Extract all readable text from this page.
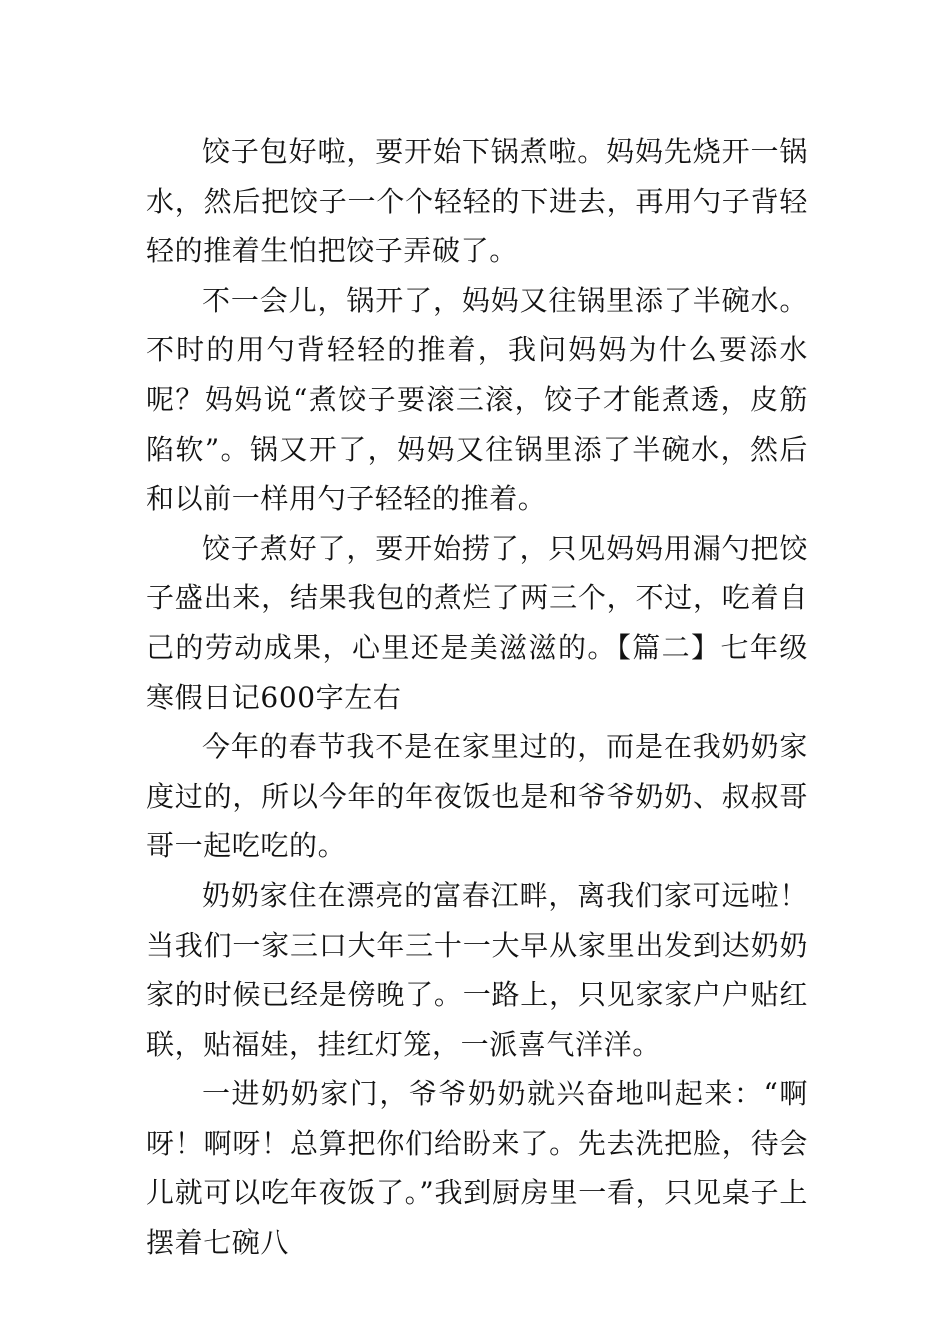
饺子包好啦，要开始下锅煮啦。妈妈先烧开一锅水，然后把饺子一个个轻轻的下进去，再用勺子背轻轻的推着生怕把饺子弄破了。

不一会儿，锅开了，妈妈又往锅里添了半碗水。不时的用勺背轻轻的推着，我问妈妈为什么要添水呢？妈妈说“煮饺子要滚三滚，饺子才能煮透，皮筋陷软”。锅又开了，妈妈又往锅里添了半碗水，然后和以前一样用勺子轻轻的推着。

饺子煮好了，要开始捞了，只见妈妈用漏勺把饺子盛出来，结果我包的煮烂了两三个，不过，吃着自己的劳动成果，心里还是美滋滋的。【篇二】七年级寒假日记600字左右

今年的春节我不是在家里过的，而是在我奶奶家度过的，所以今年的年夜饭也是和爷爷奶奶、叔叔哥哥一起吃吃的。

奶奶家住在漂亮的富春江畔，离我们家可远啦！当我们一家三口大年三十一大早从家里出发到达奶奶家的时候已经是傍晚了。一路上，只见家家户户贴红联，贴福娃，挂红灯笼，一派喜气洋洋。

一进奶奶家门，爷爷奶奶就兴奋地叫起来：“啊呀！啊呀！总算把你们给盼来了。先去洗把脸，待会儿就可以吃年夜饭了。”我到厨房里一看，只见桌子上摆着七碗八
